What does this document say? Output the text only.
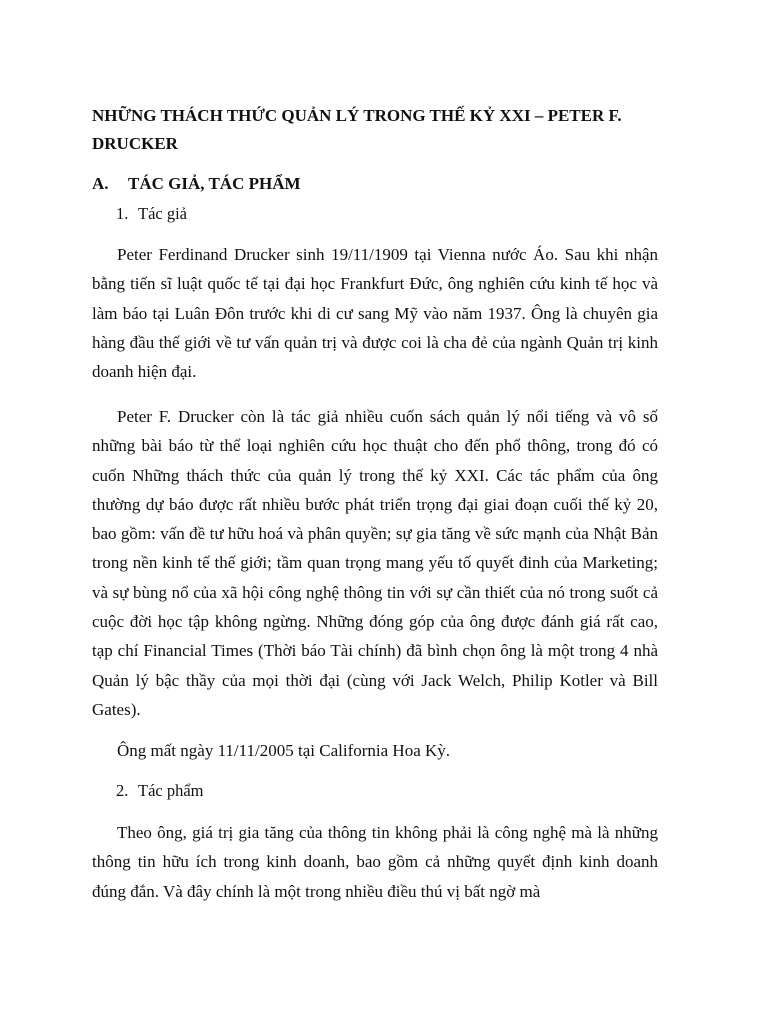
NHỮNG THÁCH THỨC QUẢN LÝ TRONG THẾ KỶ XXI – PETER F. DRUCKER
A. TÁC GIẢ, TÁC PHẨM
1. Tác giả

Peter Ferdinand Drucker sinh 19/11/1909 tại Vienna nước Áo. Sau khi nhận bằng tiến sĩ luật quốc tế tại đại học Frankfurt Đức, ông nghiên cứu kinh tế học và làm báo tại Luân Đôn trước khi di cư sang Mỹ vào năm 1937. Ông là chuyên gia hàng đầu thế giới về tư vấn quản trị và được coi là cha đẻ của ngành Quản trị kinh doanh hiện đại.

Peter F. Drucker còn là tác giả nhiều cuốn sách quản lý nổi tiếng và vô số những bài báo từ thể loại nghiên cứu học thuật cho đến phổ thông, trong đó có cuốn Những thách thức của quản lý trong thế kỷ XXI. Các tác phẩm của ông thường dự báo được rất nhiều bước phát triển trọng đại giai đoạn cuối thế kỷ 20, bao gồm: vấn đề tư hữu hoá và phân quyền; sự gia tăng về sức mạnh của Nhật Bản trong nền kinh tế thế giới; tầm quan trọng mang yếu tố quyết đinh của Marketing; và sự bùng nổ của xã hội công nghệ thông tin với sự cần thiết của nó trong suốt cả cuộc đời học tập không ngừng. Những đóng góp của ông được đánh giá rất cao, tạp chí Financial Times (Thời báo Tài chính) đã bình chọn ông là một trong 4 nhà Quản lý bậc thầy của mọi thời đại (cùng với Jack Welch, Philip Kotler và Bill Gates).

Ông mất ngày 11/11/2005 tại California Hoa Kỳ.

2. Tác phẩm

Theo ông, giá trị gia tăng của thông tin không phải là công nghệ mà là những thông tin hữu ích trong kinh doanh, bao gồm cả những quyết định kinh doanh đúng đắn. Và đây chính là một trong nhiều điều thú vị bất ngờ mà
